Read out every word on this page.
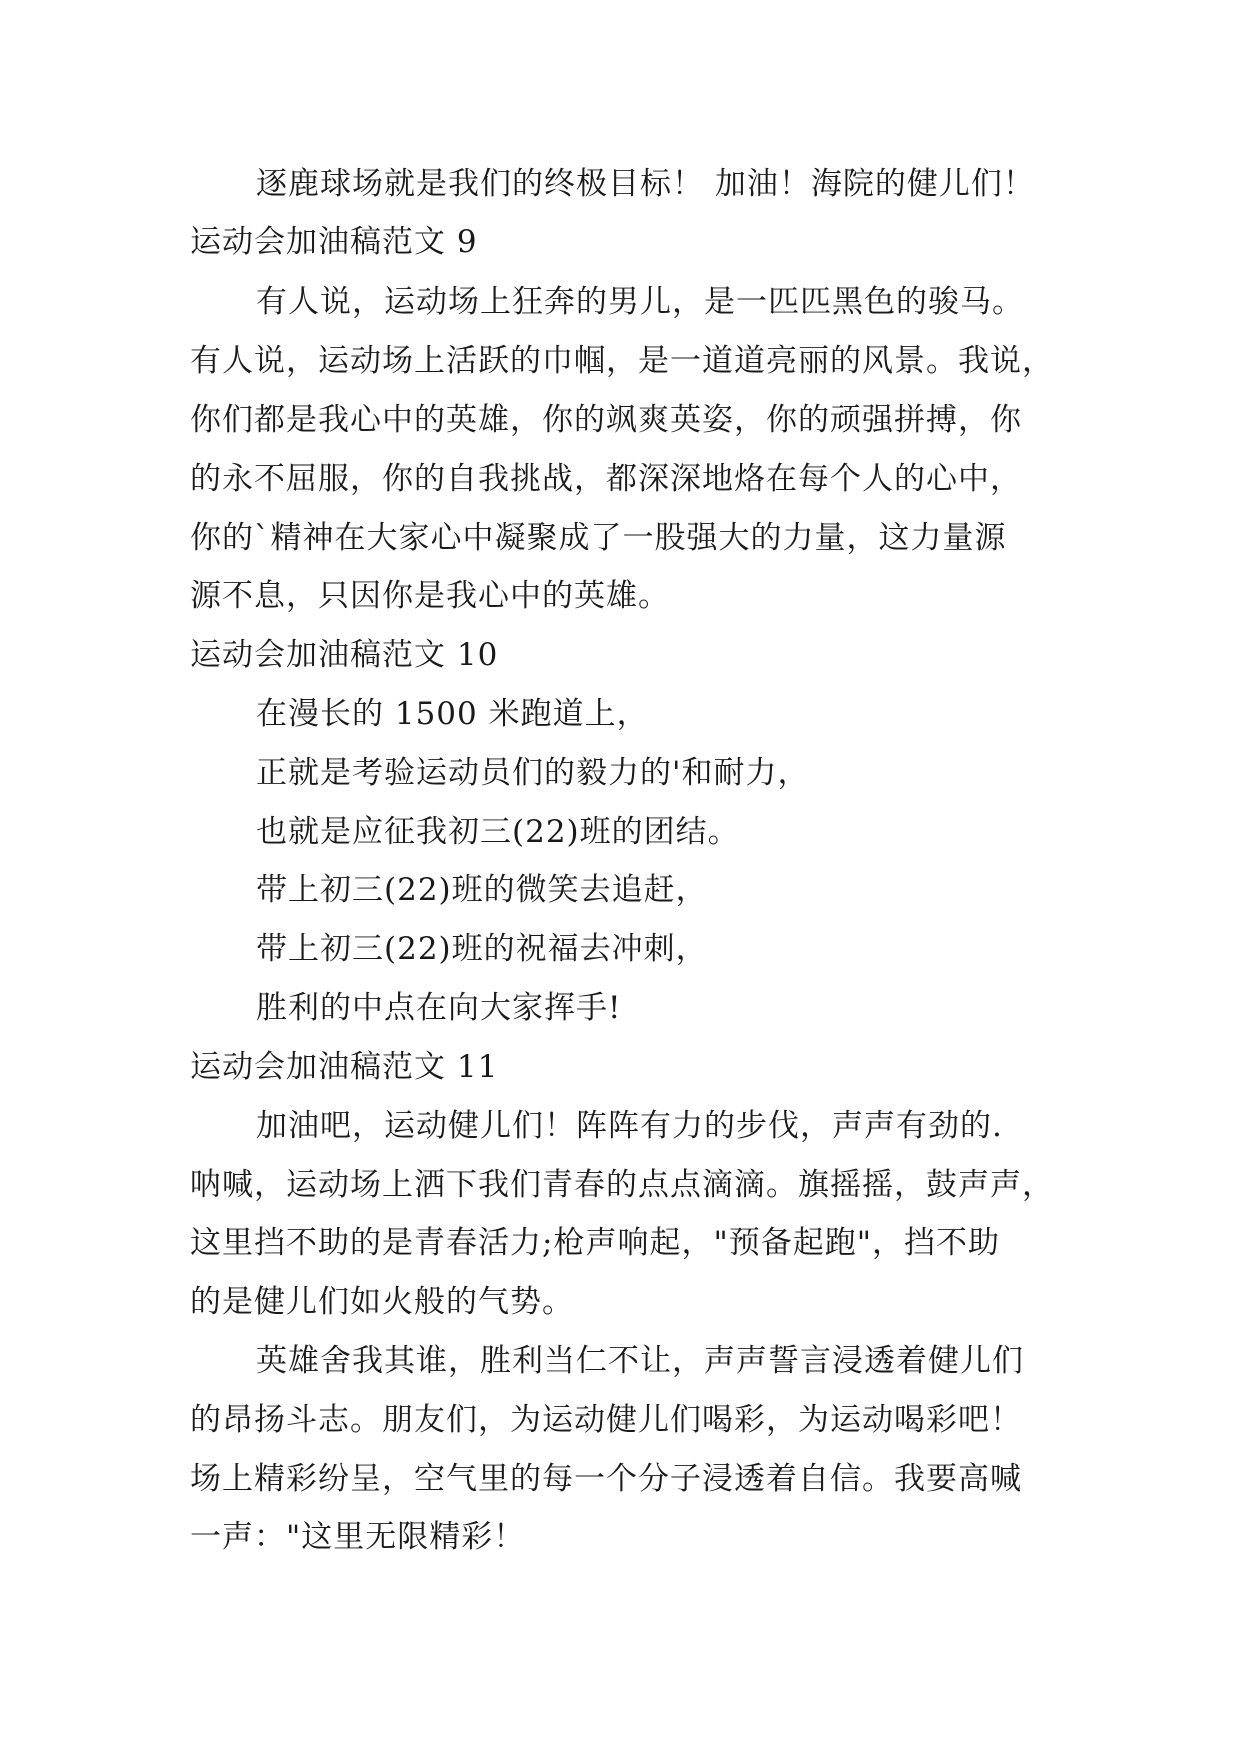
逐鹿球场就是我们的终极目标！ 加油！海院的健儿们！
运动会加油稿范文 9
有人说，运动场上狂奔的男儿，是一匹匹黑色的骏马。
有人说，运动场上活跃的巾帼，是一道道亮丽的风景。我说，
你们都是我心中的英雄，你的飒爽英姿，你的顽强拼搏，你
的永不屈服，你的自我挑战，都深深地烙在每个人的心中，
你的`精神在大家心中凝聚成了一股强大的力量，这力量源
源不息，只因你是我心中的英雄。
运动会加油稿范文 10
在漫长的 1500 米跑道上，
正就是考验运动员们的毅力的'和耐力，
也就是应征我初三(22)班的团结。
带上初三(22)班的微笑去追赶，
带上初三(22)班的祝福去冲刺，
胜利的中点在向大家挥手!
运动会加油稿范文 11
加油吧，运动健儿们！阵阵有力的步伐，声声有劲的.
呐喊，运动场上洒下我们青春的点点滴滴。旗摇摇，鼓声声，
这里挡不助的是青春活力;枪声响起，"预备起跑"，挡不助
的是健儿们如火般的气势。
英雄舍我其谁，胜利当仁不让，声声誓言浸透着健儿们
的昂扬斗志。朋友们，为运动健儿们喝彩，为运动喝彩吧！
场上精彩纷呈，空气里的每一个分子浸透着自信。我要高喊
一声："这里无限精彩！
